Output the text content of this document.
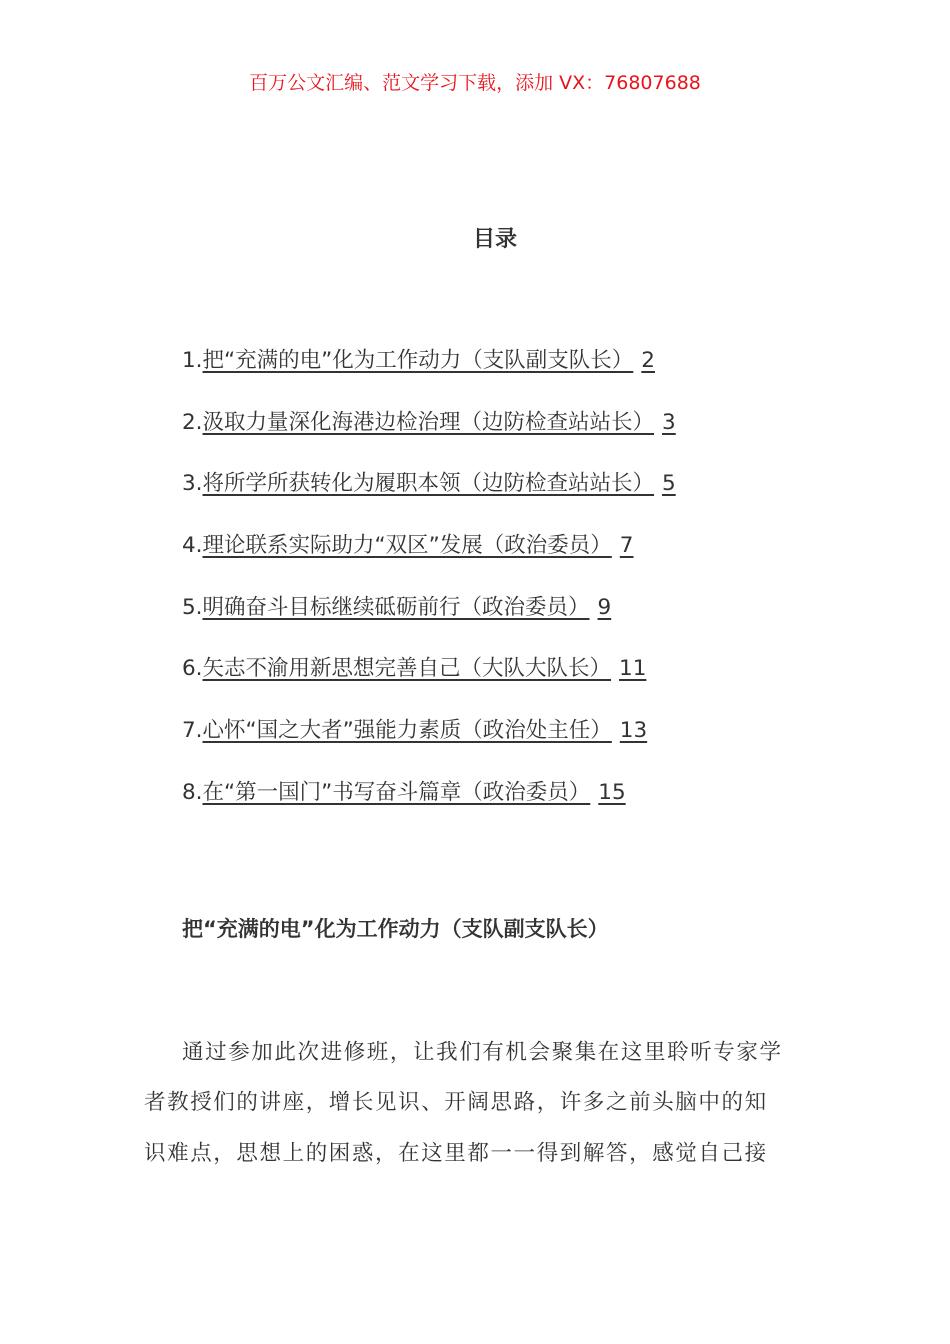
百万公文汇编、范文学习下载，添加 VX：76807688
目录
1.把“充满的电”化为工作动力（支队副支队长） 2
2.汲取力量深化海港边检治理（边防检查站站长） 3
3.将所学所获转化为履职本领（边防检查站站长） 5
4.理论联系实际助力“双区”发展（政治委员） 7
5.明确奋斗目标继续砥砺前行（政治委员） 9
6.矢志不渝用新思想完善自己（大队大队长） 11
7.心怀“国之大者”强能力素质（政治处主任） 13
8.在“第一国门”书写奋斗篇章（政治委员） 15
把“充满的电”化为工作动力（支队副支队长）
通过参加此次进修班，让我们有机会聚集在这里聆听专家学
者教授们的讲座，增长见识、开阔思路，许多之前头脑中的知
识难点，思想上的困惑，在这里都一一得到解答，感觉自己接
